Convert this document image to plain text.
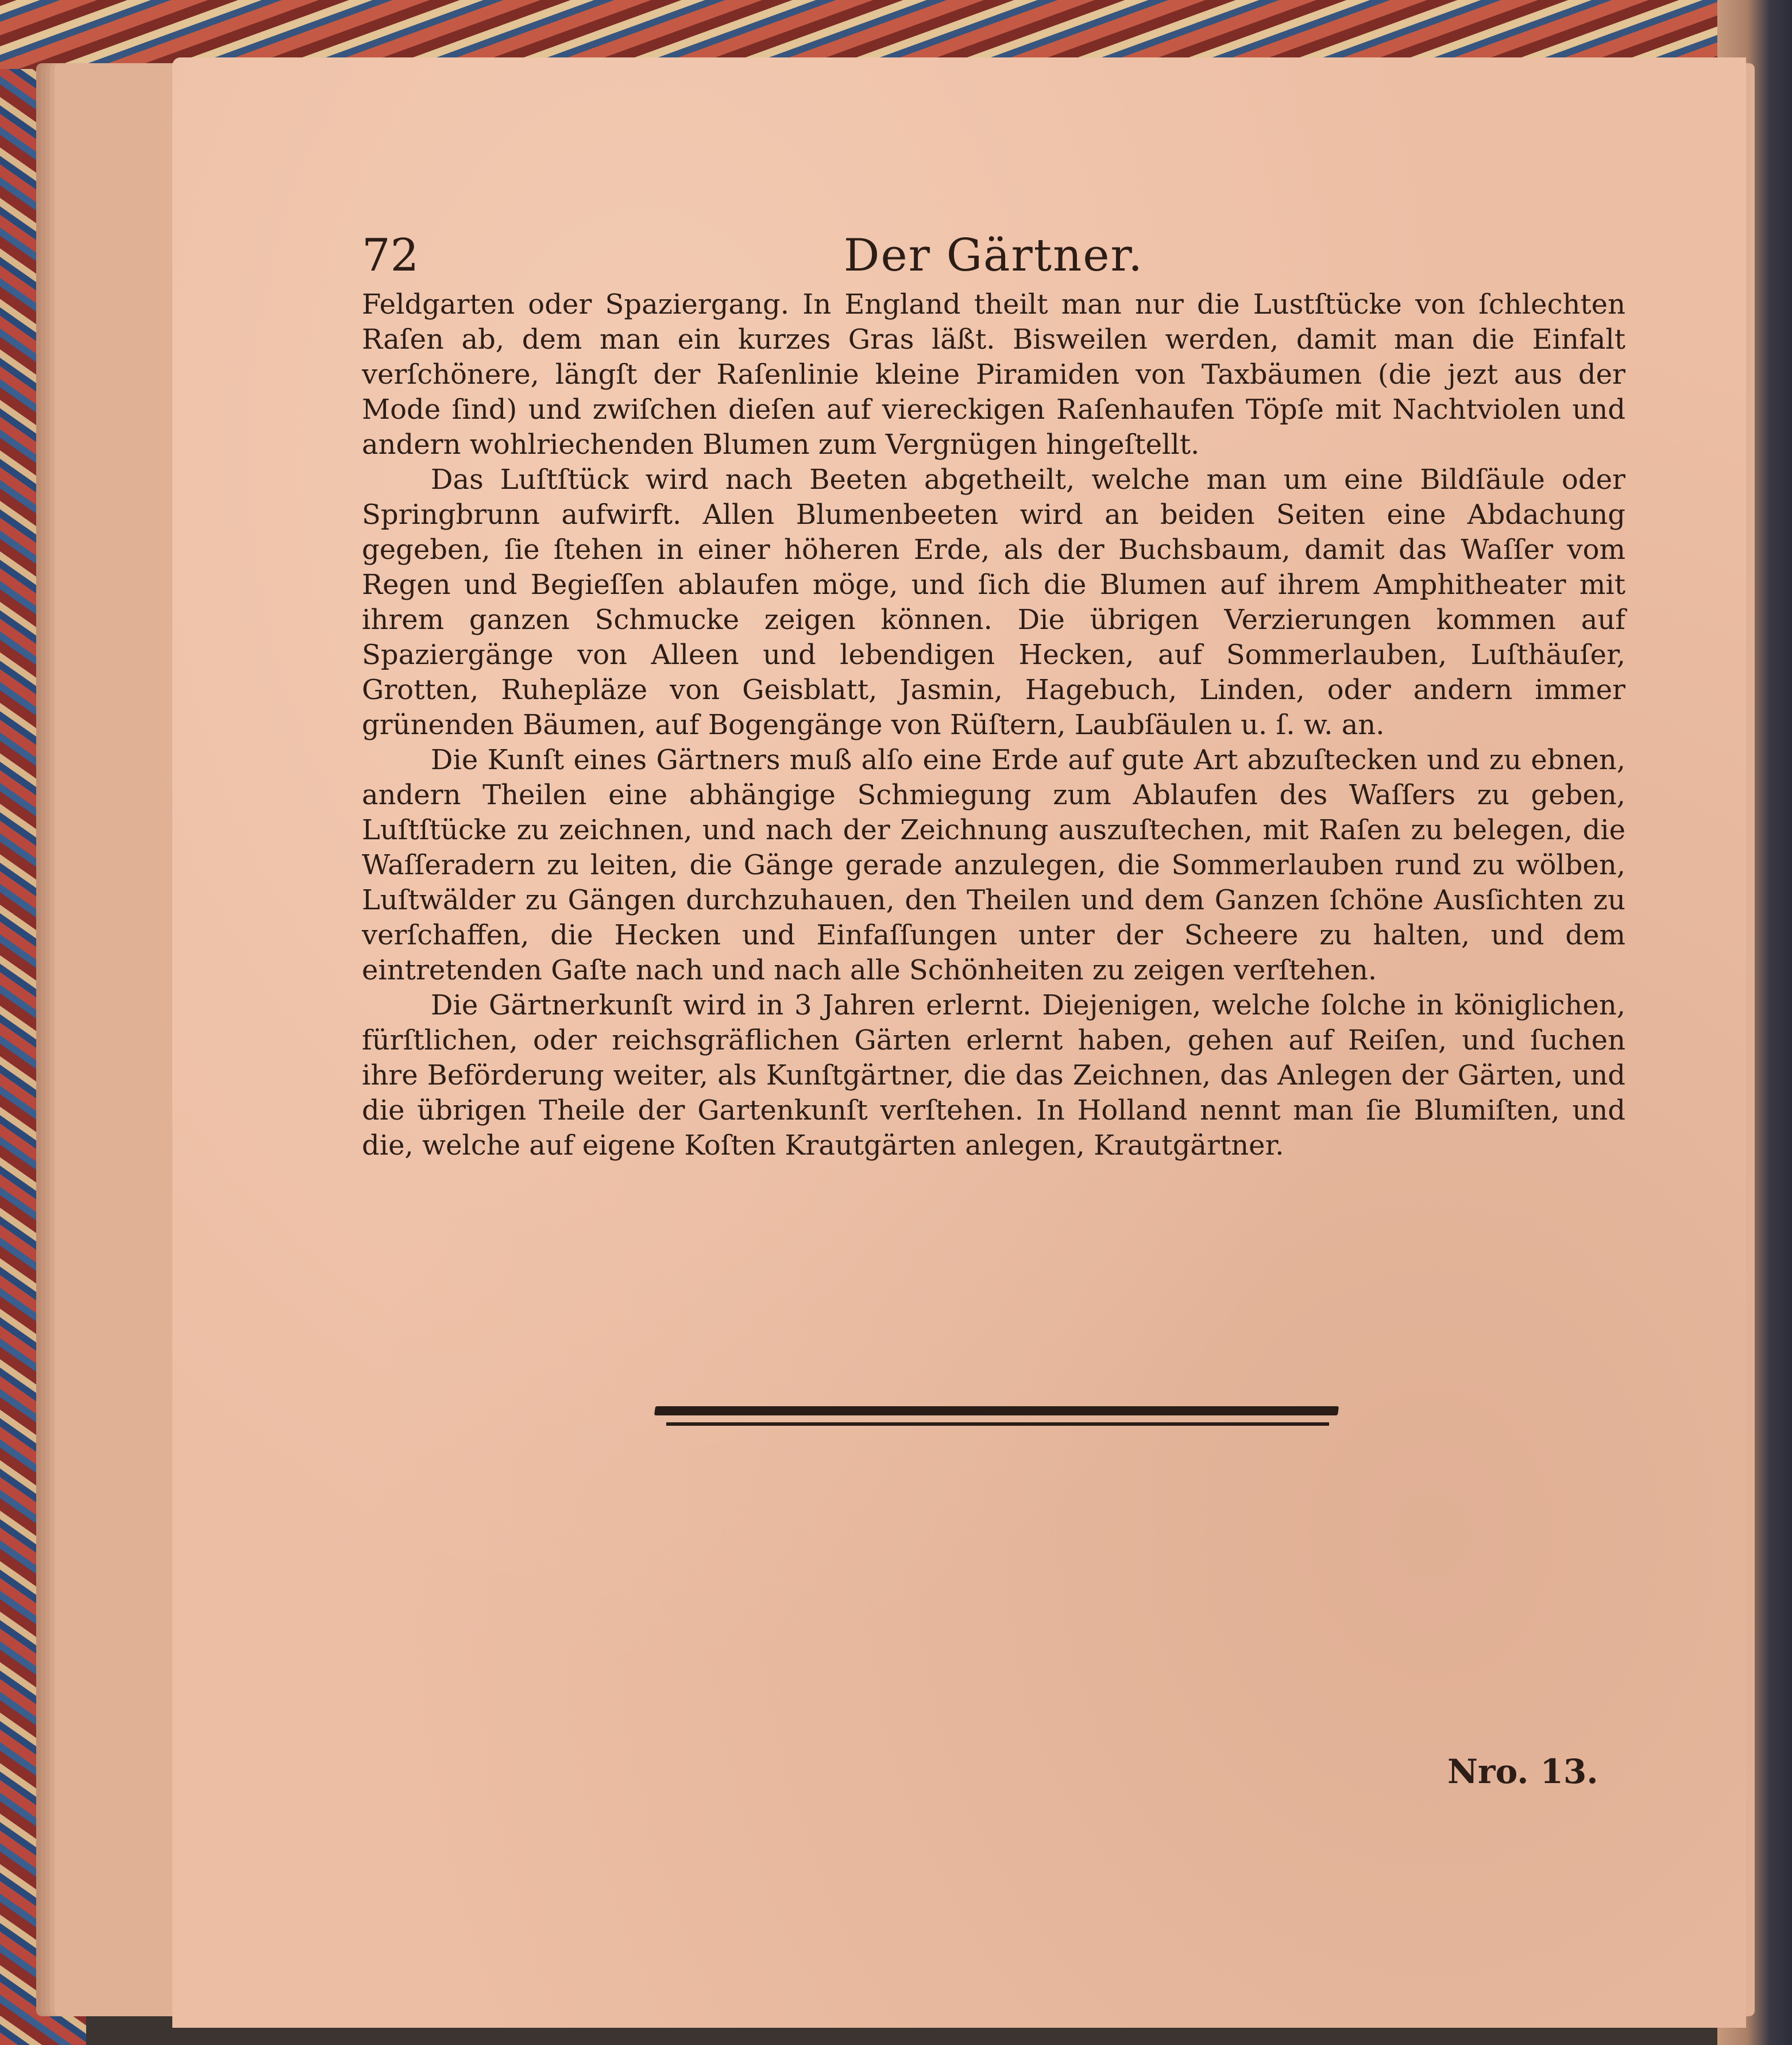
72	Der Gärtner.

Feldgarten oder Spaziergang. In England theilt man nur die Lustſtücke von ſchlechten Raſen ab, dem man ein kurzes Gras läßt. Bisweilen werden, damit man die Einfalt verſchönere, längſt der Raſenlinie kleine Piramiden von Taxbäumen (die jezt aus der Mode ſind) und zwiſchen dieſen auf viereckigen Raſenhaufen Töpſe mit Nachtviolen und andern wohlriechenden Blumen zum Vergnügen hingeſtellt.

Das Luſtſtück wird nach Beeten abgetheilt, welche man um eine Bildſäule oder Springbrunn aufwirft. Allen Blumenbeeten wird an beiden Seiten eine Abdachung gegeben, ſie ſtehen in einer höheren Erde, als der Buchsbaum, damit das Waſſer vom Regen und Begieſſen ablaufen möge, und ſich die Blumen auf ihrem Amphitheater mit ihrem ganzen Schmucke zeigen können. Die übrigen Verzierungen kommen auf Spaziergänge von Alleen und lebendigen Hecken, auf Sommerlauben, Luſthäuſer, Grotten, Ruhepläze von Geisblatt, Jasmin, Hagebuch, Linden, oder andern immer grünenden Bäumen, auf Bogengänge von Rüſtern, Laubſäulen u. ſ. w. an.

Die Kunſt eines Gärtners muß alſo eine Erde auf gute Art abzuſtecken und zu ebnen, andern Theilen eine abhängige Schmiegung zum Ablaufen des Waſſers zu geben, Luſtſtücke zu zeichnen, und nach der Zeichnung auszuſtechen, mit Raſen zu belegen, die Waſſeradern zu leiten, die Gänge gerade anzulegen, die Sommerlauben rund zu wölben, Luſtwälder zu Gängen durchzuhauen, den Theilen und dem Ganzen ſchöne Ausſichten zu verſchaffen, die Hecken und Einfaſſungen unter der Scheere zu halten, und dem eintretenden Gaſte nach und nach alle Schönheiten zu zeigen verſtehen.

Die Gärtnerkunſt wird in 3 Jahren erlernt. Diejenigen, welche ſolche in königlichen, fürſtlichen, oder reichsgräflichen Gärten erlernt haben, gehen auf Reiſen, und ſuchen ihre Beförderung weiter, als Kunſtgärtner, die das Zeichnen, das Anlegen der Gärten, und die übrigen Theile der Gartenkunſt verſtehen. In Holland nennt man ſie Blumiſten, und die, welche auf eigene Koſten Krautgärten anlegen, Krautgärtner.

Nro. 13.
